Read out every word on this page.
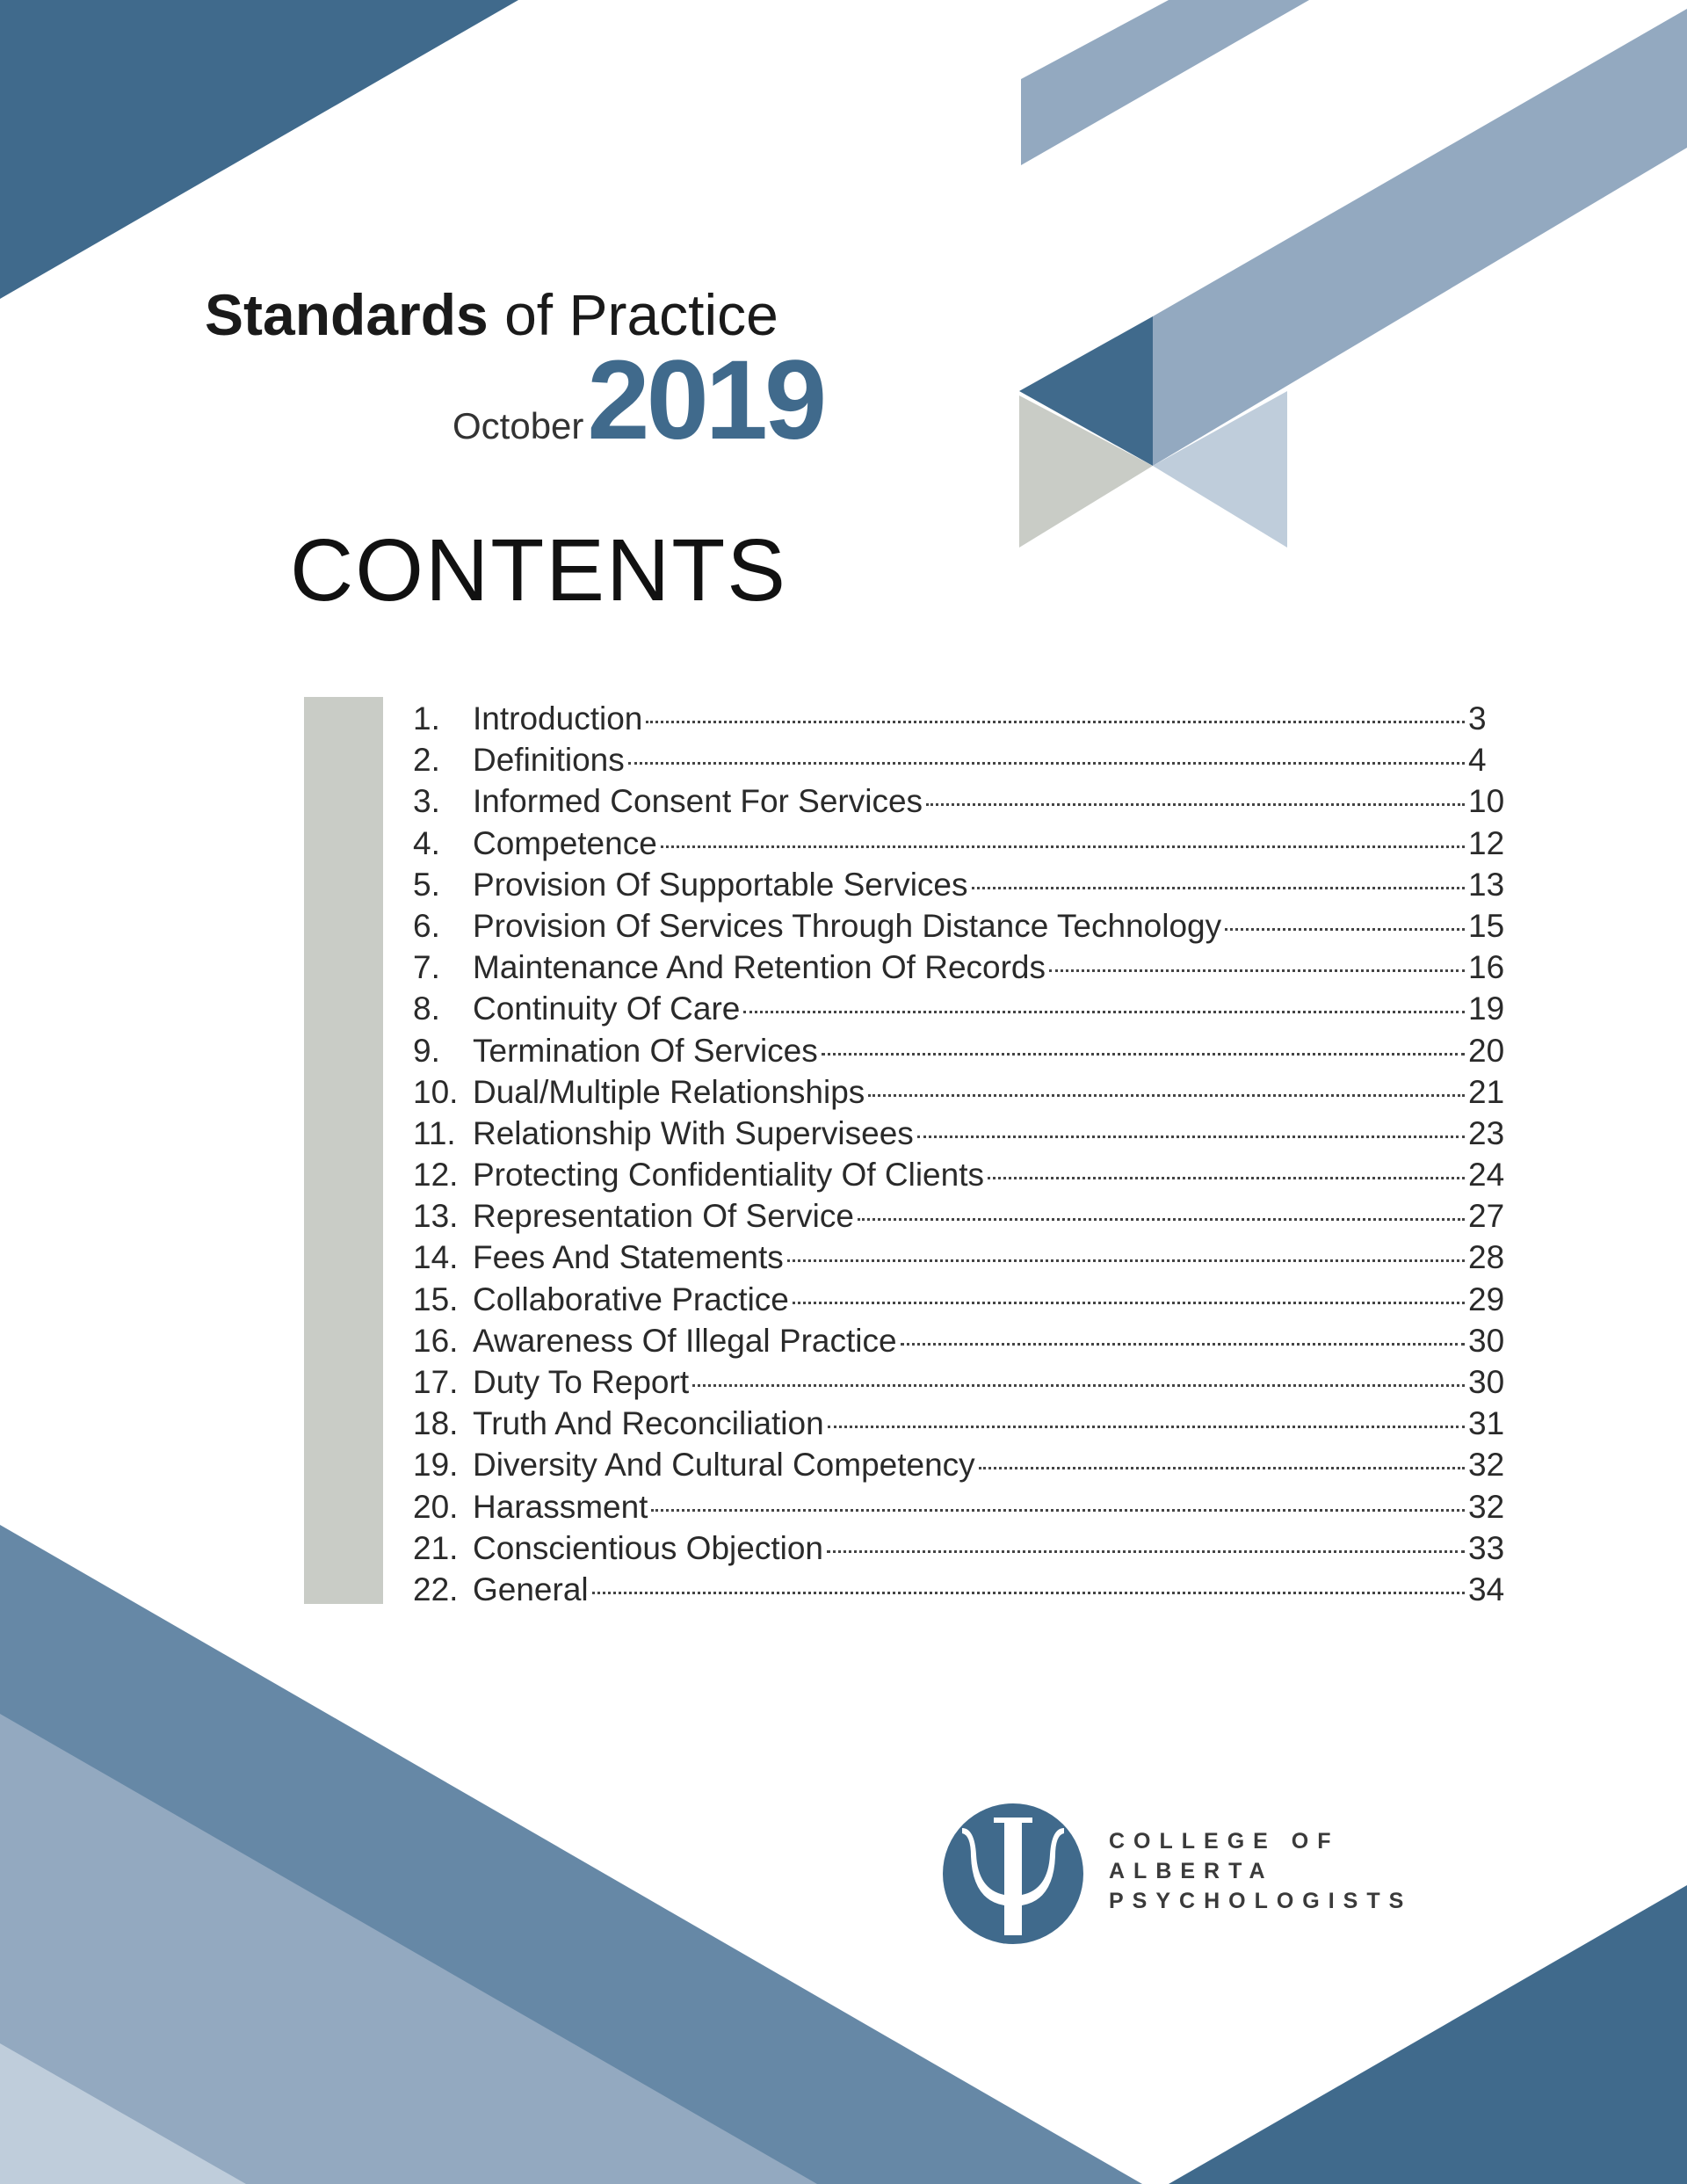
Standards of Practice
October2019
CONTENTS
1.	Introduction	3
2.	Definitions	4
3.	Informed Consent For Services	10
4.	Competence	12
5.	Provision Of Supportable Services	13
6.	Provision Of Services Through Distance Technology	15
7.	Maintenance And Retention Of Records	16
8.	Continuity Of Care	19
9.	Termination Of Services	20
10. Dual/Multiple Relationships	21
11. Relationship With Supervisees	23
12. Protecting Confidentiality Of Clients	24
13. Representation Of Service	27
14. Fees And Statements	28
15. Collaborative Practice	29
16. Awareness Of Illegal Practice	30
17. Duty To Report	30
18. Truth And Reconciliation	31
19. Diversity And Cultural Competency	32
20. Harassment	32
21. Conscientious Objection	33
22. General	34
COLLEGE OF
ALBERTA
PSYCHOLOGISTS
